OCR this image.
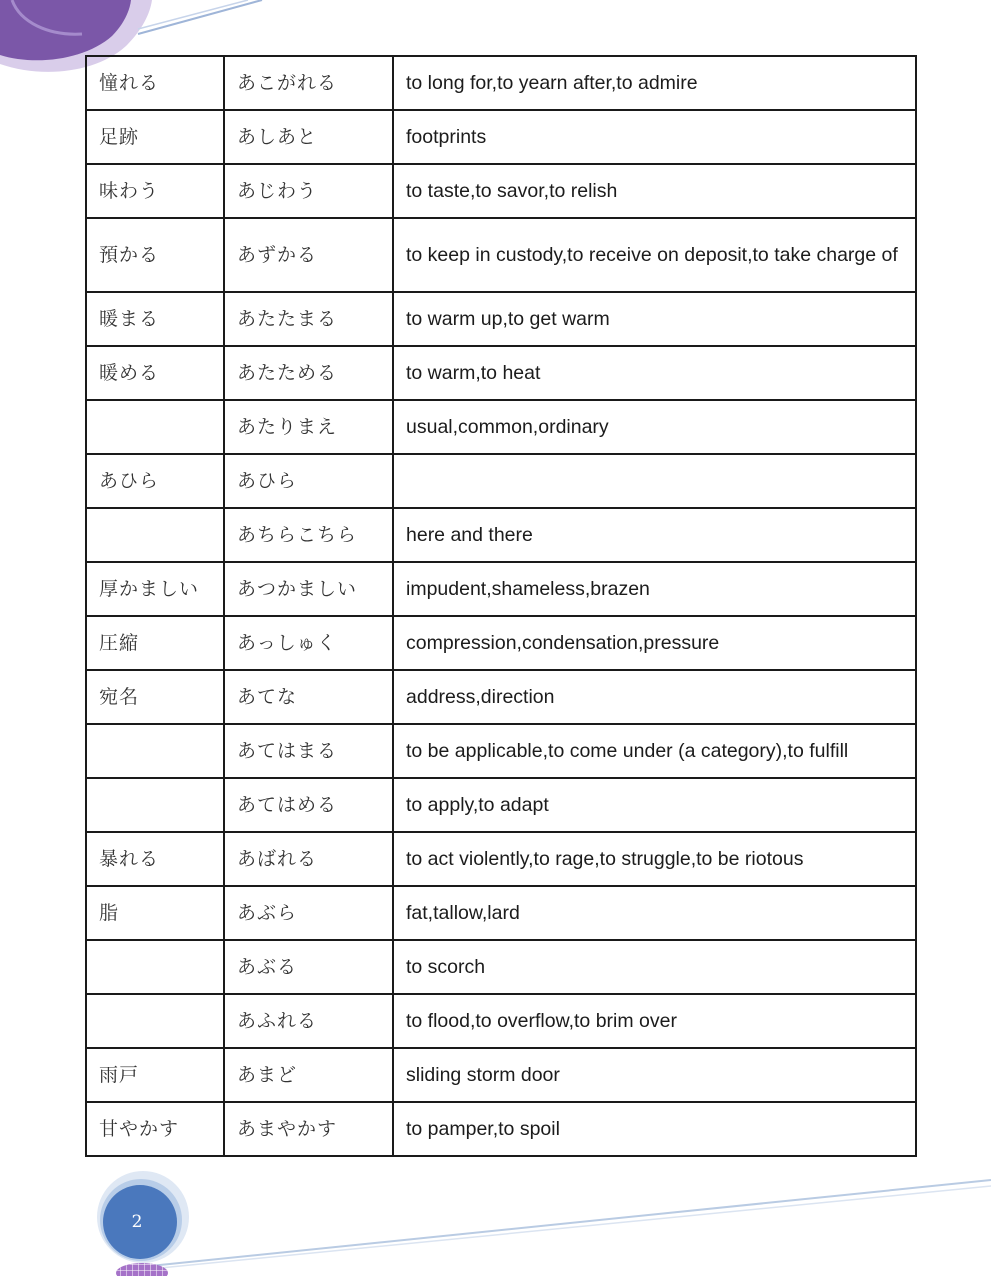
憧れる	あこがれる	to long for,to yearn after,to admire
足跡	あしあと	footprints
味わう	あじわう	to taste,to savor,to relish
預かる	あずかる	to keep in custody,to receive on deposit,to take charge of
暖まる	あたたまる	to warm up,to get warm
暖める	あたためる	to warm,to heat
	あたりまえ	usual,common,ordinary
あひら	あひら	
	あちらこちら	here and there
厚かましい	あつかましい	impudent,shameless,brazen
圧縮	あっしゅく	compression,condensation,pressure
宛名	あてな	address,direction
	あてはまる	to be applicable,to come under (a category),to fulfill
	あてはめる	to apply,to adapt
暴れる	あばれる	to act violently,to rage,to struggle,to be riotous
脂	あぶら	fat,tallow,lard
	あぶる	to scorch
	あふれる	to flood,to overflow,to brim over
雨戸	あまど	sliding storm door
甘やかす	あまやかす	to pamper,to spoil
2
